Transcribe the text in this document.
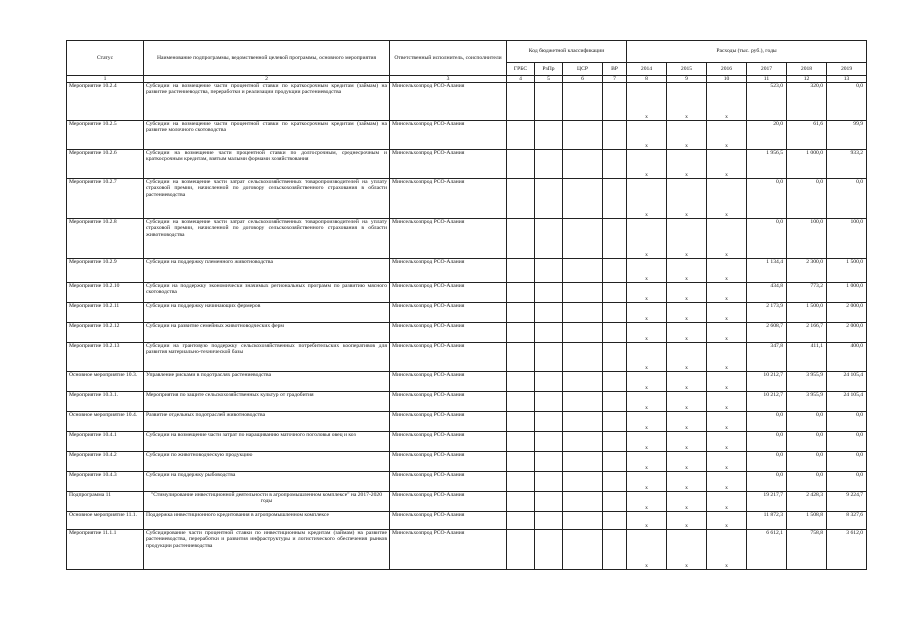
Статус	Наименование подпрограммы, ведомственной целевой программы, основного мероприятия	Ответственный исполнитель, соисполнители	Код бюджетной классификации				Расходы (тыс. руб.), годы					
			ГРБС	РзПр	ЦСР	ВР	2014	2015	2016	2017	2018	2019
1	2	3	4	5	6	7	8	9	10	11	12	13
Мероприятие 10.2.4	Субсидии на возмещение части процентной ставки по краткосрочным кредитам (займам) на развитие растениеводства, переработки и реализации продукции растениеводства	Минсельхозпрод РСО-Алания					x	x	x	523,0	320,0	0,0
Мероприятие 10.2.5	Субсидии на возмещение части процентной ставки по краткосрочным кредитам (займам) на развитие молочного скотоводства	Минсельхозпрод РСО-Алания					x	x	x	20,0	61,6	99,9
Мероприятие 10.2.6	Субсидии на возмещение части процентной ставки по долгосрочным, среднесрочным и краткосрочным кредитам, взятым малыми формами хозяйствования	Минсельхозпрод РСО-Алания					x	x	x	1 956,5	1 000,0	933,2
Мероприятие 10.2.7	Субсидии на возмещение части затрат сельскохозяйственных товаропроизводителей на уплату страховой премии, начисленной по договору сельскохозяйственного страхования в области растениеводства	Минсельхозпрод РСО-Алания					x	x	x	0,0	0,0	0,0
Мероприятие 10.2.8	Субсидии на возмещение части затрат сельскохозяйственных товаропроизводителей на уплату страховой премии, начисленной по договору сельскохозяйственного страхования в области животноводства	Минсельхозпрод РСО-Алания					x	x	x	0,0	100,0	100,0
Мероприятие 10.2.9	Субсидии на поддержку племенного животноводства	Минсельхозпрод РСО-Алания					x	x	x	1 134,4	2 300,0	1 500,0
Мероприятие 10.2.10	Субсидии на поддержку экономически значимых региональных программ по развитию мясного скотоводства	Минсельхозпрод РСО-Алания					x	x	x	434,8	773,2	1 000,0
Мероприятие 10.2.11	Субсидии на поддержку начинающих фермеров	Минсельхозпрод РСО-Алания					x	x	x	2 173,9	1 500,0	2 000,0
Мероприятие 10.2.12	Субсидии на развитие семейных животноводческих ферм	Минсельхозпрод РСО-Алания					x	x	x	2 608,7	2 166,7	2 000,0
Мероприятие 10.2.13	Субсидии на грантовую поддержку сельскохозяйственных потребительских кооперативов для развития материально-технической базы	Минсельхозпрод РСО-Алания					x	x	x	347,8	411,1	400,0
Основное мероприятие 10.3.	Управление рисками в подотраслях растениеводства	Минсельхозпрод РСО-Алания					x	x	x	10 212,7	3 955,9	24 105,4
Мероприятие 10.3.1.	Мероприятия по защите сельскохозяйственных культур от градобития	Минсельхозпрод РСО-Алания					x	x	x	10 212,7	3 955,9	24 105,4
Основное мероприятие 10.4.	Развитие отдельных подотраслей животноводства	Минсельхозпрод РСО-Алания					x	x	x	0,0	0,0	0,0
Мероприятие 10.4.1	Субсидии на возмещение части затрат по наращиванию маточного поголовья овец и коз	Минсельхозпрод РСО-Алания					x	x	x	0,0	0,0	0,0
Мероприятие 10.4.2	Субсидии по животноводческую продукцию	Минсельхозпрод РСО-Алания					x	x	x	0,0	0,0	0,0
Мероприятие 10.4.3	Субсидии на поддержку рыбоводства	Минсельхозпрод РСО-Алания					x	x	x	0,0	0,0	0,0
Подпрограмма 11	"Стимулирование инвестиционной деятельности в агропромышленном комплексе" на 2017-2020 годы	Минсельхозпрод РСО-Алания					x	x	x	19 217,7	2 428,3	9 224,7
Основное мероприятие 11.1.	Поддержка инвестиционного кредитования в агропромышленном комплексе	Минсельхозпрод РСО-Алания					x	x	x	11 872,3	1 508,8	8 327,6
Мероприятие 11.1.1	Субсидирование части процентной ставки по инвестиционным кредитам (займам) на развитие растениеводства, переработки и развития инфраструктуры и логистического обеспечения рынков продукции растениеводства	Минсельхозпрод РСО-Алания					x	x	x	6 612,1	758,8	3 612,0
